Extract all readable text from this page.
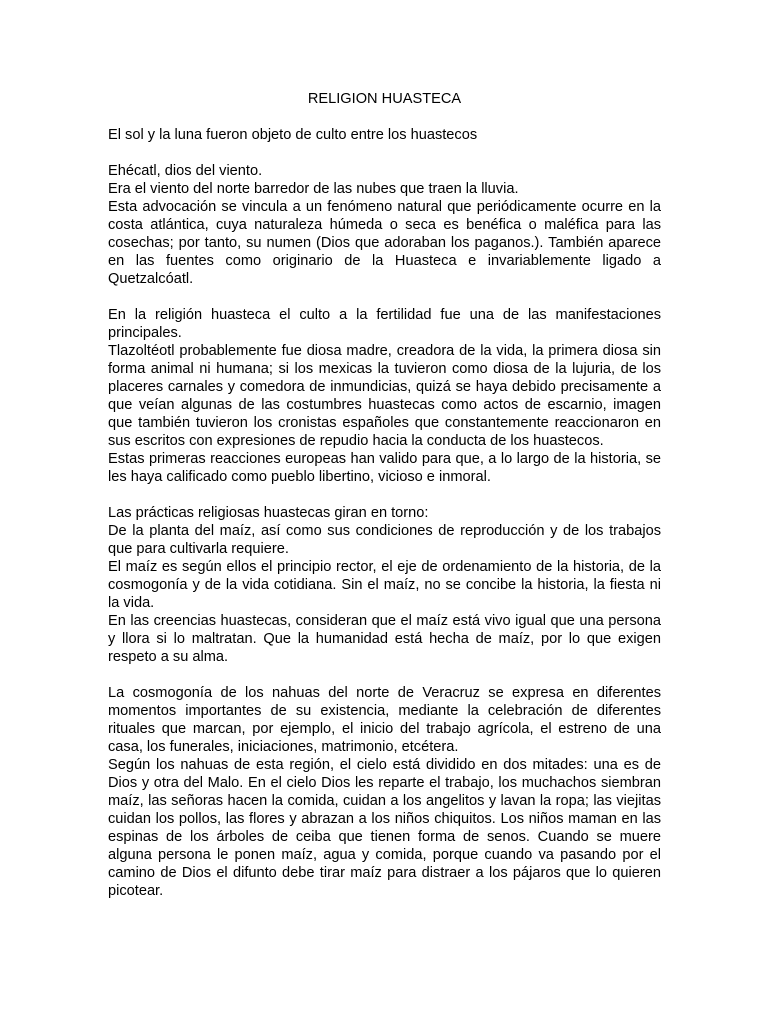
RELIGION HUASTECA

El sol y la luna fueron objeto de culto entre los huastecos

Ehécatl, dios del viento.

Era el viento del norte barredor de las nubes que traen la lluvia.

Esta advocación se vincula a un fenómeno natural que periódicamente ocurre en la costa atlántica, cuya naturaleza húmeda o seca es benéfica o maléfica para las cosechas; por tanto, su numen (Dios que adoraban los paganos.). También aparece en las fuentes como originario de la Huasteca e invariablemente ligado a Quetzalcóatl.

En la religión huasteca el culto a la fertilidad fue una de las manifestaciones principales.

Tlazoltéotl probablemente fue diosa madre, creadora de la vida, la primera diosa sin forma animal ni humana; si los mexicas la tuvieron como diosa de la lujuria, de los placeres carnales y comedora de inmundicias, quizá se haya debido precisamente a que veían algunas de las costumbres huastecas como actos de escarnio, imagen que también tuvieron los cronistas españoles que constantemente reaccionaron en sus escritos con expresiones de repudio hacia la conducta de los huastecos.

Estas primeras reacciones europeas han valido para que, a lo largo de la historia, se les haya calificado como pueblo libertino, vicioso e inmoral.

Las prácticas religiosas huastecas giran en torno:

De la planta del maíz, así como sus condiciones de reproducción y de los trabajos que para cultivarla requiere.

El maíz es según ellos el principio rector, el eje de ordenamiento de la historia, de la cosmogonía y de la vida cotidiana. Sin el maíz, no se concibe la historia, la fiesta ni la vida.

En las creencias huastecas, consideran que el maíz está vivo igual que una persona y llora si lo maltratan. Que la humanidad está hecha de maíz, por lo que exigen respeto a su alma.

La cosmogonía de los nahuas del norte de Veracruz se expresa en diferentes momentos importantes de su existencia, mediante la celebración de diferentes rituales que marcan, por ejemplo, el inicio del trabajo agrícola, el estreno de una casa, los funerales, iniciaciones, matrimonio, etcétera.

Según los nahuas de esta región, el cielo está dividido en dos mitades: una es de Dios y otra del Malo. En el cielo Dios les reparte el trabajo, los muchachos siembran maíz, las señoras hacen la comida, cuidan a los angelitos y lavan la ropa; las viejitas cuidan los pollos, las flores y abrazan a los niños chiquitos. Los niños maman en las espinas de los árboles de ceiba que tienen forma de senos. Cuando se muere alguna persona le ponen maíz, agua y comida, porque cuando va pasando por el camino de Dios el difunto debe tirar maíz para distraer a los pájaros que lo quieren picotear.
